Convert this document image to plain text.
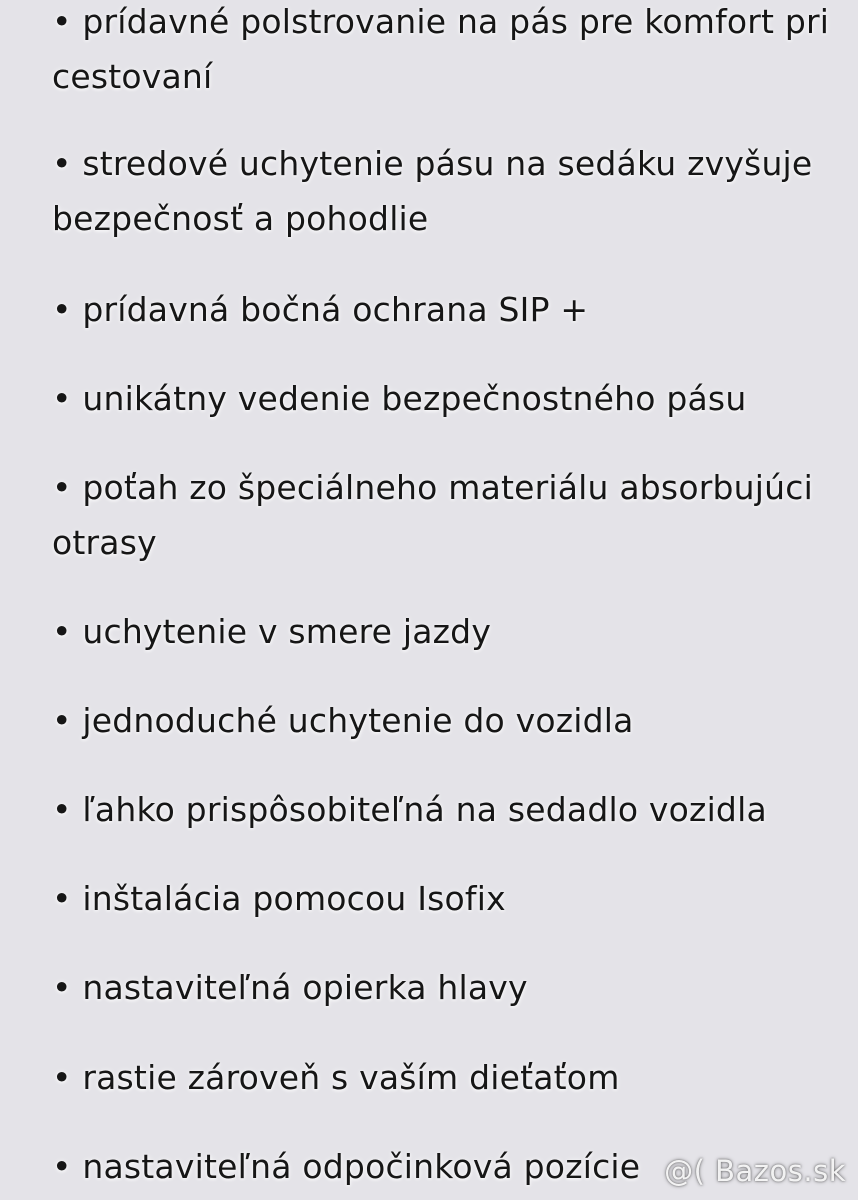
• prídavné polstrovanie na pás pre komfort pri cestovaní
• stredové uchytenie pásu na sedáku zvyšuje bezpečnosť a pohodlie
• prídavná bočná ochrana SIP +
• unikátny vedenie bezpečnostného pásu
• poťah zo špeciálneho materiálu absorbujúci otrasy
• uchytenie v smere jazdy
• jednoduché uchytenie do vozidla
• ľahko prispôsobiteľná na sedadlo vozidla
• inštalácia pomocou Isofix
• nastaviteľná opierka hlavy
• rastie zároveň s vaším dieťaťom
• nastaviteľná odpočinková pozície @( Bazos.sk
